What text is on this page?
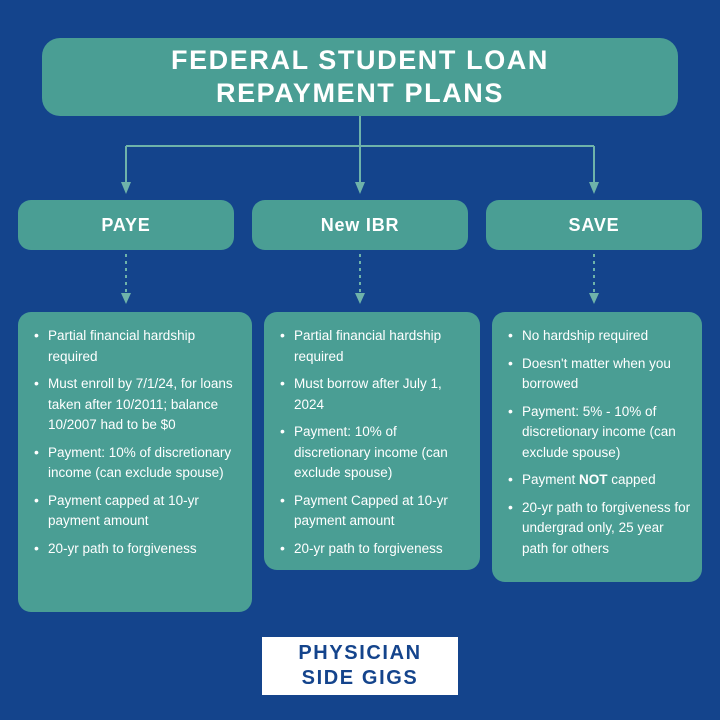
FEDERAL STUDENT LOAN
REPAYMENT PLANS
PAYE	New IBR	SAVE
• Partial financial hardship required
• Must enroll by 7/1/24, for loans taken after 10/2011; balance 10/2007 had to be $0
• Payment: 10% of discretionary income (can exclude spouse)
• Payment capped at 10-yr payment amount
• 20-yr path to forgiveness
• Partial financial hardship required
• Must borrow after July 1, 2024
• Payment: 10% of discretionary income (can exclude spouse)
• Payment Capped at 10-yr payment amount
• 20-yr path to forgiveness
• No hardship required
• Doesn't matter when you borrowed
• Payment: 5% - 10% of discretionary income (can exclude spouse)
• Payment NOT capped
• 20-yr path to forgiveness for undergrad only, 25 year path for others
PHYSICIAN
SIDE GIGS
